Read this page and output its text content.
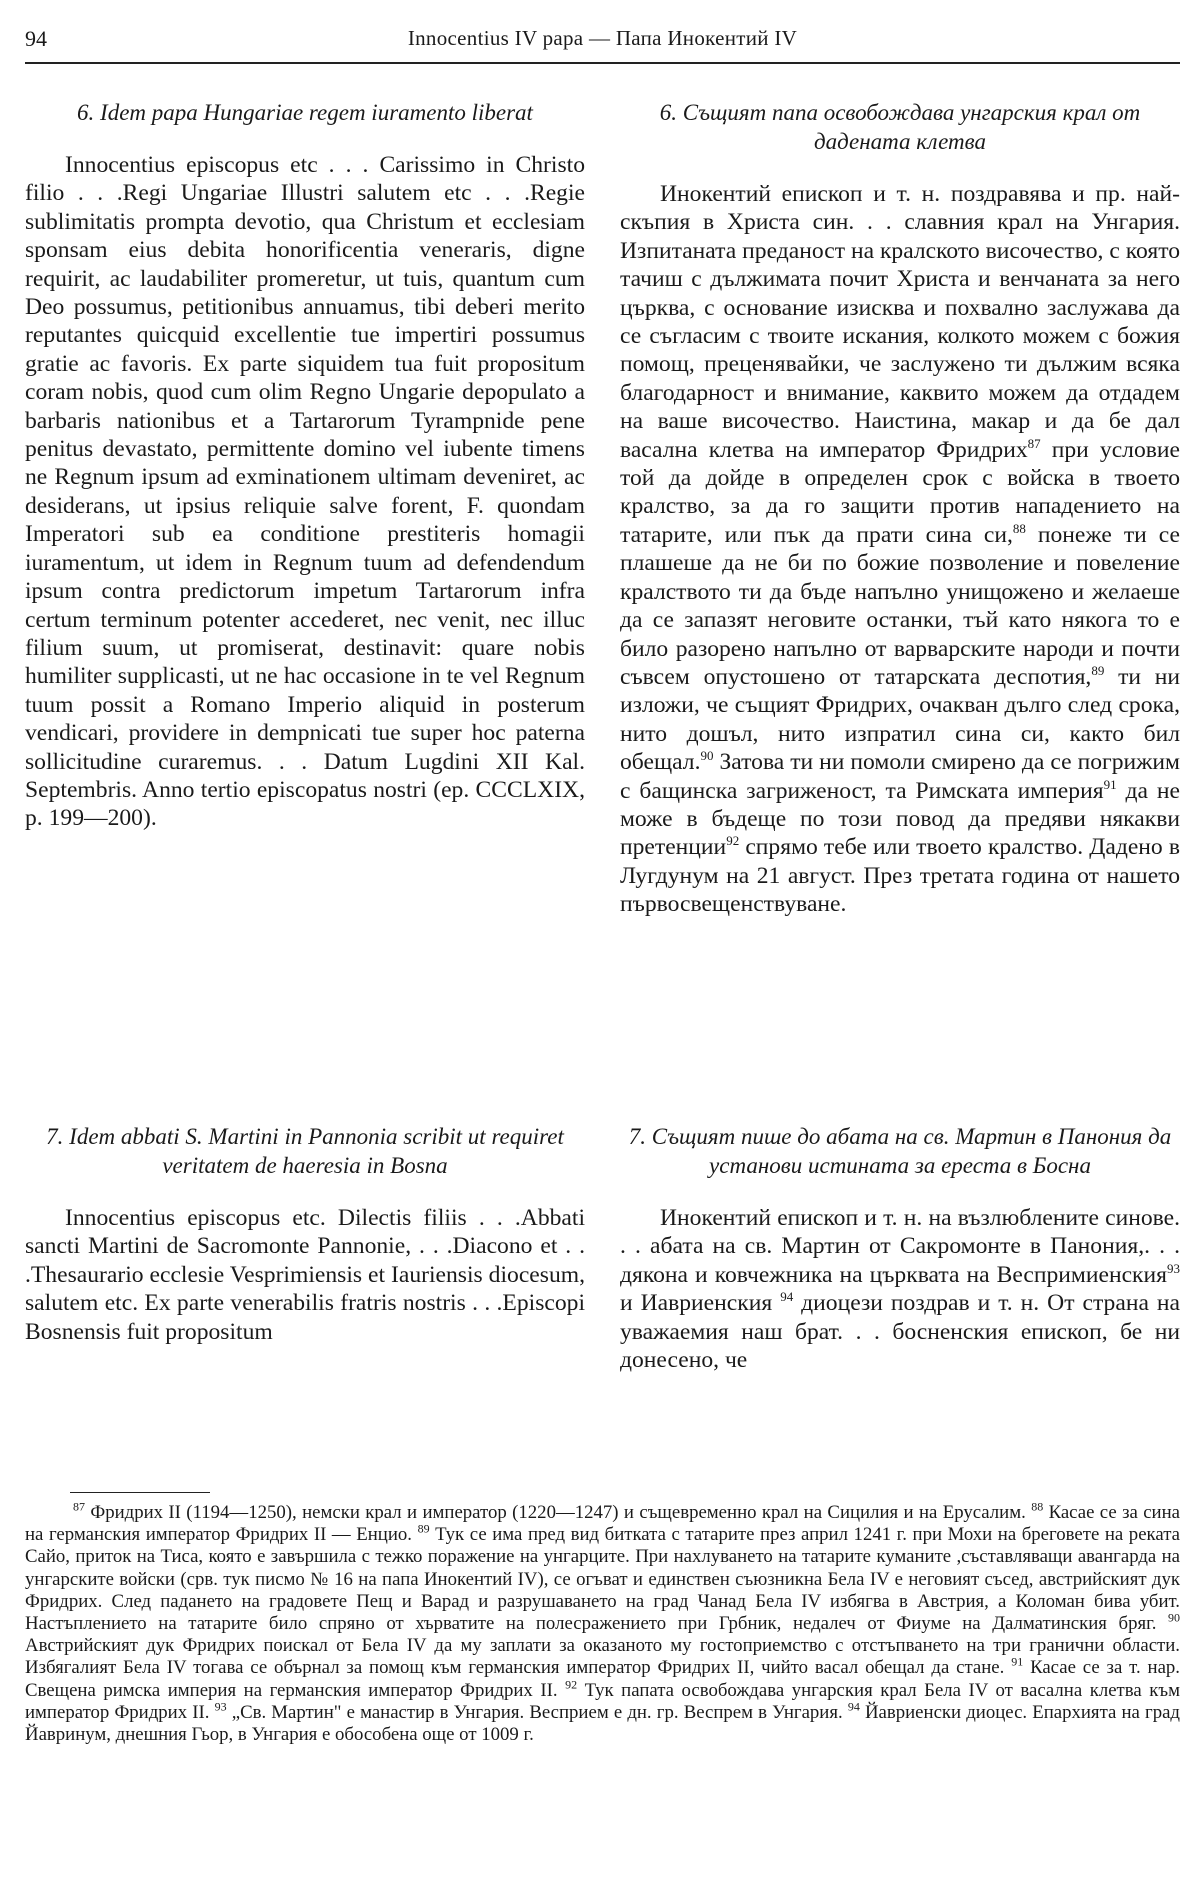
94	Innocentius IV papa — Папа Инокентий IV

6. Idem papa Hungariae regem iuramento liberat

Innocentius episcopus etc . . . Carissimo in Christo filio . . .Regi Ungariae Illustri salutem etc . . .Regie sublimitatis prompta devotio, qua Christum et ecclesiam sponsam eius debita honorificentia veneraris, digne requirit, ac laudabiliter promeretur, ut tuis, quantum cum Deo possumus, petitionibus annuamus, tibi deberi merito reputantes quicquid excellentie tue impertiri possumus gratie ac favoris. Ex parte siquidem tua fuit propositum coram nobis, quod cum olim Regno Ungarie depopulato a barbaris nationibus et a Tartarorum Tyrampnide pene penitus devastato, permittente domino vel iubente timens ne Regnum ipsum ad exminationem ultimam deveniret, ac desiderans, ut ipsius reliquie salve forent, F. quondam Imperatori sub ea conditione prestiteris homagii iuramentum, ut idem in Regnum tuum ad defendendum ipsum contra predictorum impetum Tartarorum infra certum terminum potenter accederet, nec venit, nec illuc filium suum, ut promiserat, destinavit: quare nobis humiliter supplicasti, ut ne hac occasione in te vel Regnum tuum possit a Romano Imperio aliquid in posterum vendicari, providere in demрnicati tue super hoc paterna sollicitudine curaremus. . . Datum Lugdini XII Kal. Septembris. Anno tertio episcopatus nostri (ep. CCCLXIX, p. 199—200).

6. Същият папа освобождава унгарския крал от дадената клетва

Инокентий епископ и т. н. поздравява и пр. най-скъпия в Христа син. . . славния крал на Унгария. Изпитаната преданост на кралското височество, с която тачиш с дължимата почит Христа и венчаната за него църква, с основание изисква и похвално заслужава да се съгласим с твоите искания, колкото можем с божия помощ, преценявайки, че заслужено ти дължим всяка благодарност и внимание, каквито можем да отдадем на ваше височество. Наистина, макар и да бе дал васална клетва на император Фридрих$^{87}$ при условие той да дойде в определен срок с войска в твоето кралство, за да го защити против нападението на татарите, или пък да прати сина си,$^{88}$ понеже ти се плашеше да не би по божие позволение и повеление кралството ти да бъде напълно унищожено и желаеше да се запазят неговите останки, тъй като някога то е било разорено напълно от варварските народи и почти съвсем опустошено от татарската деспотия,$^{89}$ ти ни изложи, че същият Фридрих, очакван дълго след срока, нито дошъл, нито изпратил сина си, както бил обещал.$^{90}$ Затова ти ни помоли смирено да се погрижим с бащинска загриженост, та Римската империя$^{91}$ да не може в бъдеще по този повод да предяви някакви претенции$^{92}$ спрямо тебе или твоето кралство. Дадено в Лугдунум на 21 август. През третата година от нашето първосвещенствуване.

7. Idem abbati S. Martini in Pannonia scribit ut requiret veritatem de haeresia in Bosna

Innocentius episcopus etc. Dilectis filiis . . .Abbati sancti Martini de Sacromonte Pannonie, . . .Diacono et . . .Thesaurario ecclesie Vesprimiensis et Iauriensis diocesum, salutem etc. Ex parte venerabilis fratris nostris . . .Episcopi Bosnensis fuit propositum

7. Същият пише до абата на св. Мартин в Панония да установи истината за ереста в Босна

Инокентий епископ и т. н. на възлюблените синове. . . абата на св. Мартин от Сакромонте в Панония,. . . дякона и ковчежника на църквата на Веспримиенския$^{93}$ и Иавриенския $^{94}$ диоцези поздрав и т. н. От страна на уважаемия наш брат. . . босненския епископ, бе ни донесено, че

$^{87}$ Фридрих II (1194—1250), немски крал и император (1220—1247) и същевременно крал на Сицилия и на Ерусалим. $^{88}$ Касае се за сина на германския император Фридрих II — Енцио. $^{89}$ Тук се има пред вид битката с татарите през април 1241 г. при Мохи на бреговете на реката Сайо, приток на Тиса, която е завършила с тежко поражение на унгарците. При нахлуването на татарите куманите ,съставляващи авангарда на унгарските войски (срв. тук писмо № 16 на папа Инокентий IV), се огъват и единствен съюзникна Бела IV е неговият съсед, австрийският дук Фридрих. След падането на градовете Пещ и Варад и разрушаването на град Чанад Бела IV избягва в Австрия, а Коломан бива убит. Настъплението на татарите било спряно от хърватите на полесражението при Грбник, недалеч от Фиуме на Далматинския бряг. $^{90}$ Австрийският дук Фридрих поискал от Бела IV да му заплати за оказаното му гостоприемство с отстъпването на три гранични области. Избягалият Бела IV тогава се обърнал за помощ към германския император Фридрих II, чийто васал обещал да стане. $^{91}$ Касае се за т. нар. Свещена римска империя на германския император Фридрих II. $^{92}$ Тук папата освобождава унгарския крал Бела IV от васална клетва към император Фридрих II. $^{93}$ „Св. Мартин" е манастир в Унгария. Весприем е дн. гр. Веспрем в Унгария. $^{94}$ Йавриенски диоцес. Епархията на град Йавринум, днешния Гьор, в Унгария е обособена още от 1009 г.
